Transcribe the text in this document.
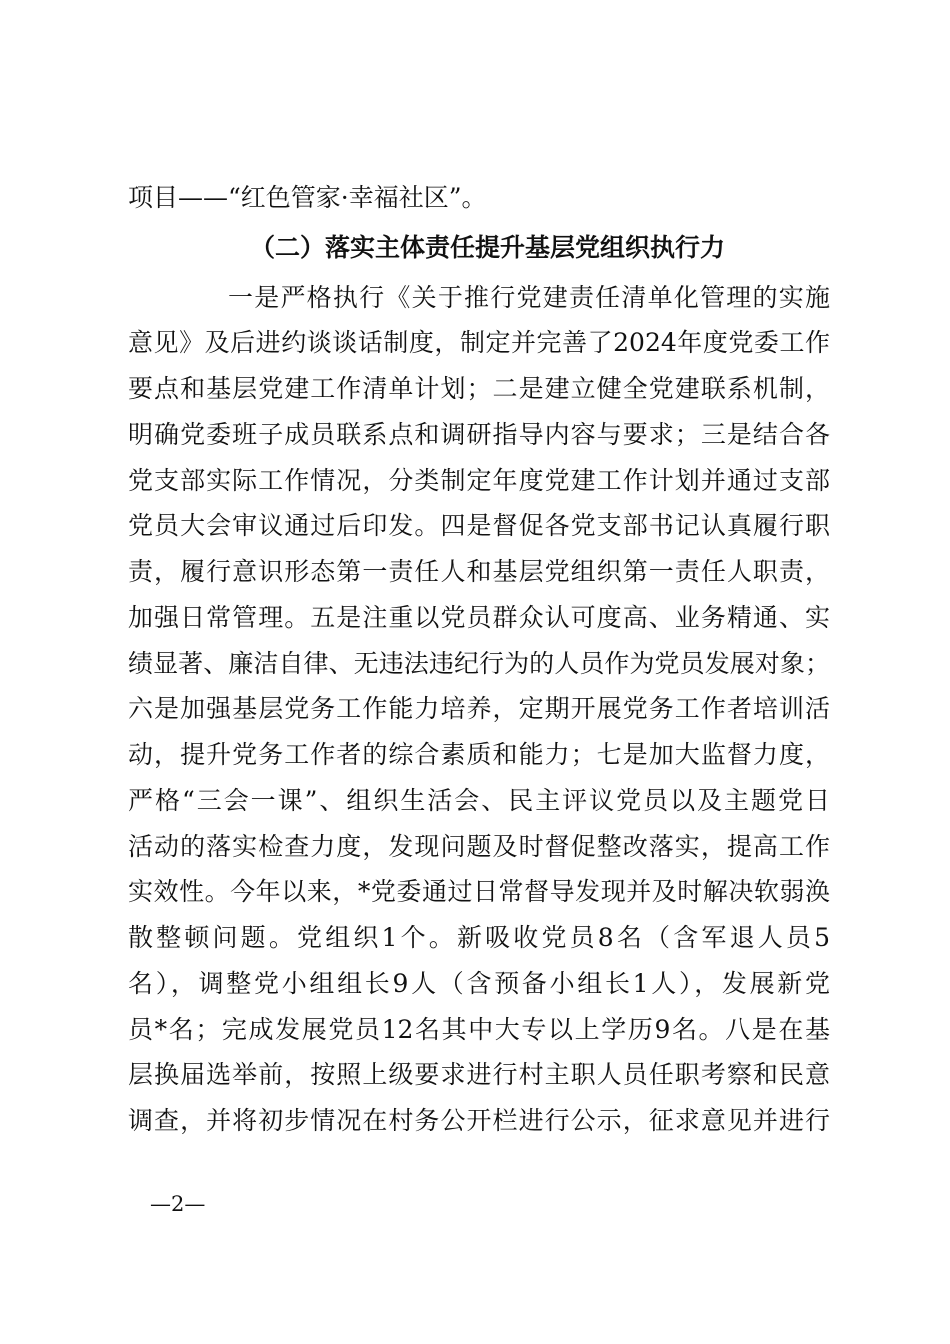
项目——“红色管家·幸福社区”。
（二）落实主体责任提升基层党组织执行力
一是严格执行《关于推行党建责任清单化管理的实施
意见》及后进约谈谈话制度，制定并完善了2024年度党委工作
要点和基层党建工作清单计划；二是建立健全党建联系机制，
明确党委班子成员联系点和调研指导内容与要求；三是结合各
党支部实际工作情况，分类制定年度党建工作计划并通过支部
党员大会审议通过后印发。四是督促各党支部书记认真履行职
责，履行意识形态第一责任人和基层党组织第一责任人职责，
加强日常管理。五是注重以党员群众认可度高、业务精通、实
绩显著、廉洁自律、无违法违纪行为的人员作为党员发展对象；
六是加强基层党务工作能力培养，定期开展党务工作者培训活
动，提升党务工作者的综合素质和能力；七是加大监督力度，
严格“三会一课”、组织生活会、民主评议党员以及主题党日
活动的落实检查力度，发现问题及时督促整改落实，提高工作
实效性。今年以来，*党委通过日常督导发现并及时解决软弱涣
散整顿问题。党组织1个。新吸收党员8名（含军退人员5
名），调整党小组组长9人（含预备小组长1人），发展新党
员*名；完成发展党员12名其中大专以上学历9名。八是在基
层换届选举前，按照上级要求进行村主职人员任职考察和民意
调查，并将初步情况在村务公开栏进行公示，征求意见并进行
—2—
